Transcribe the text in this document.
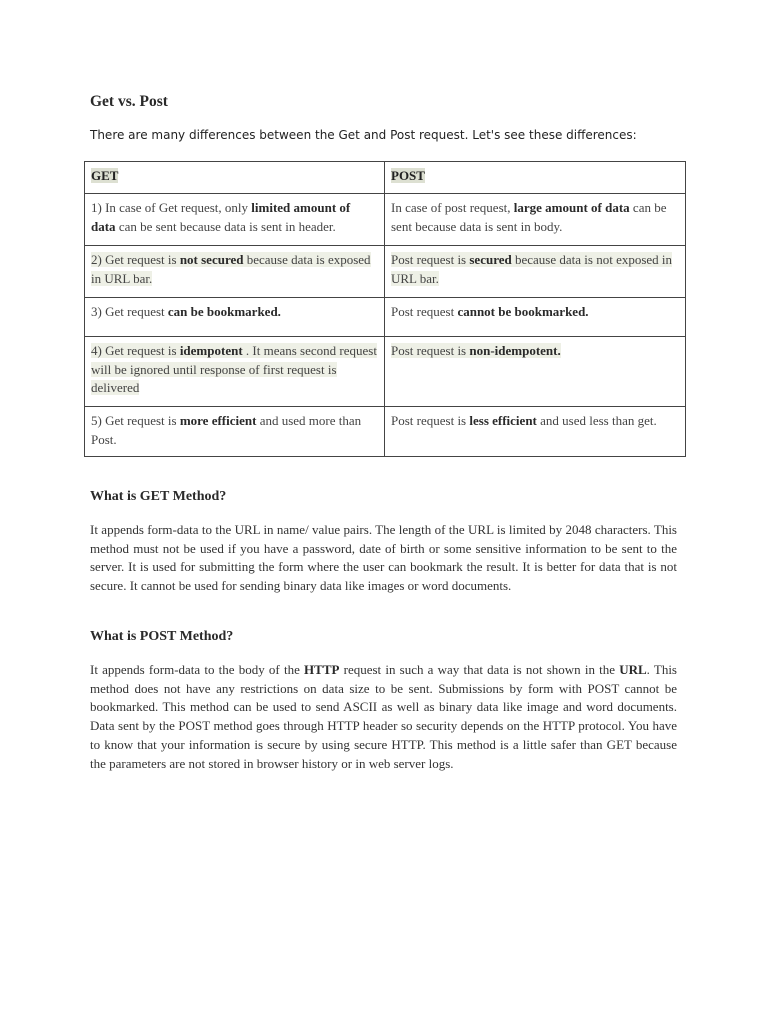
Get vs. Post

There are many differences between the Get and Post request. Let's see these differences:

GET	POST
1) In case of Get request, only limited amount of data can be sent because data is sent in header.	In case of post request, large amount of data can be sent because data is sent in body.
2) Get request is not secured because data is exposed in URL bar.	Post request is secured because data is not exposed in URL bar.
3) Get request can be bookmarked.	Post request cannot be bookmarked.
4) Get request is idempotent . It means second request will be ignored until response of first request is delivered	Post request is non-idempotent.
5) Get request is more efficient and used more than Post.	Post request is less efficient and used less than get.
What is GET Method?

It appends form-data to the URL in name/ value pairs. The length of the URL is limited by 2048 characters. This method must not be used if you have a password, date of birth or some sensitive information to be sent to the server. It is used for submitting the form where the user can bookmark the result. It is better for data that is not secure. It cannot be used for sending binary data like images or word documents.

What is POST Method?

It appends form-data to the body of the HTTP request in such a way that data is not shown in the URL. This method does not have any restrictions on data size to be sent. Submissions by form with POST cannot be bookmarked. This method can be used to send ASCII as well as binary data like image and word documents. Data sent by the POST method goes through HTTP header so security depends on the HTTP protocol. You have to know that your information is secure by using secure HTTP. This method is a little safer than GET because the parameters are not stored in browser history or in web server logs.
